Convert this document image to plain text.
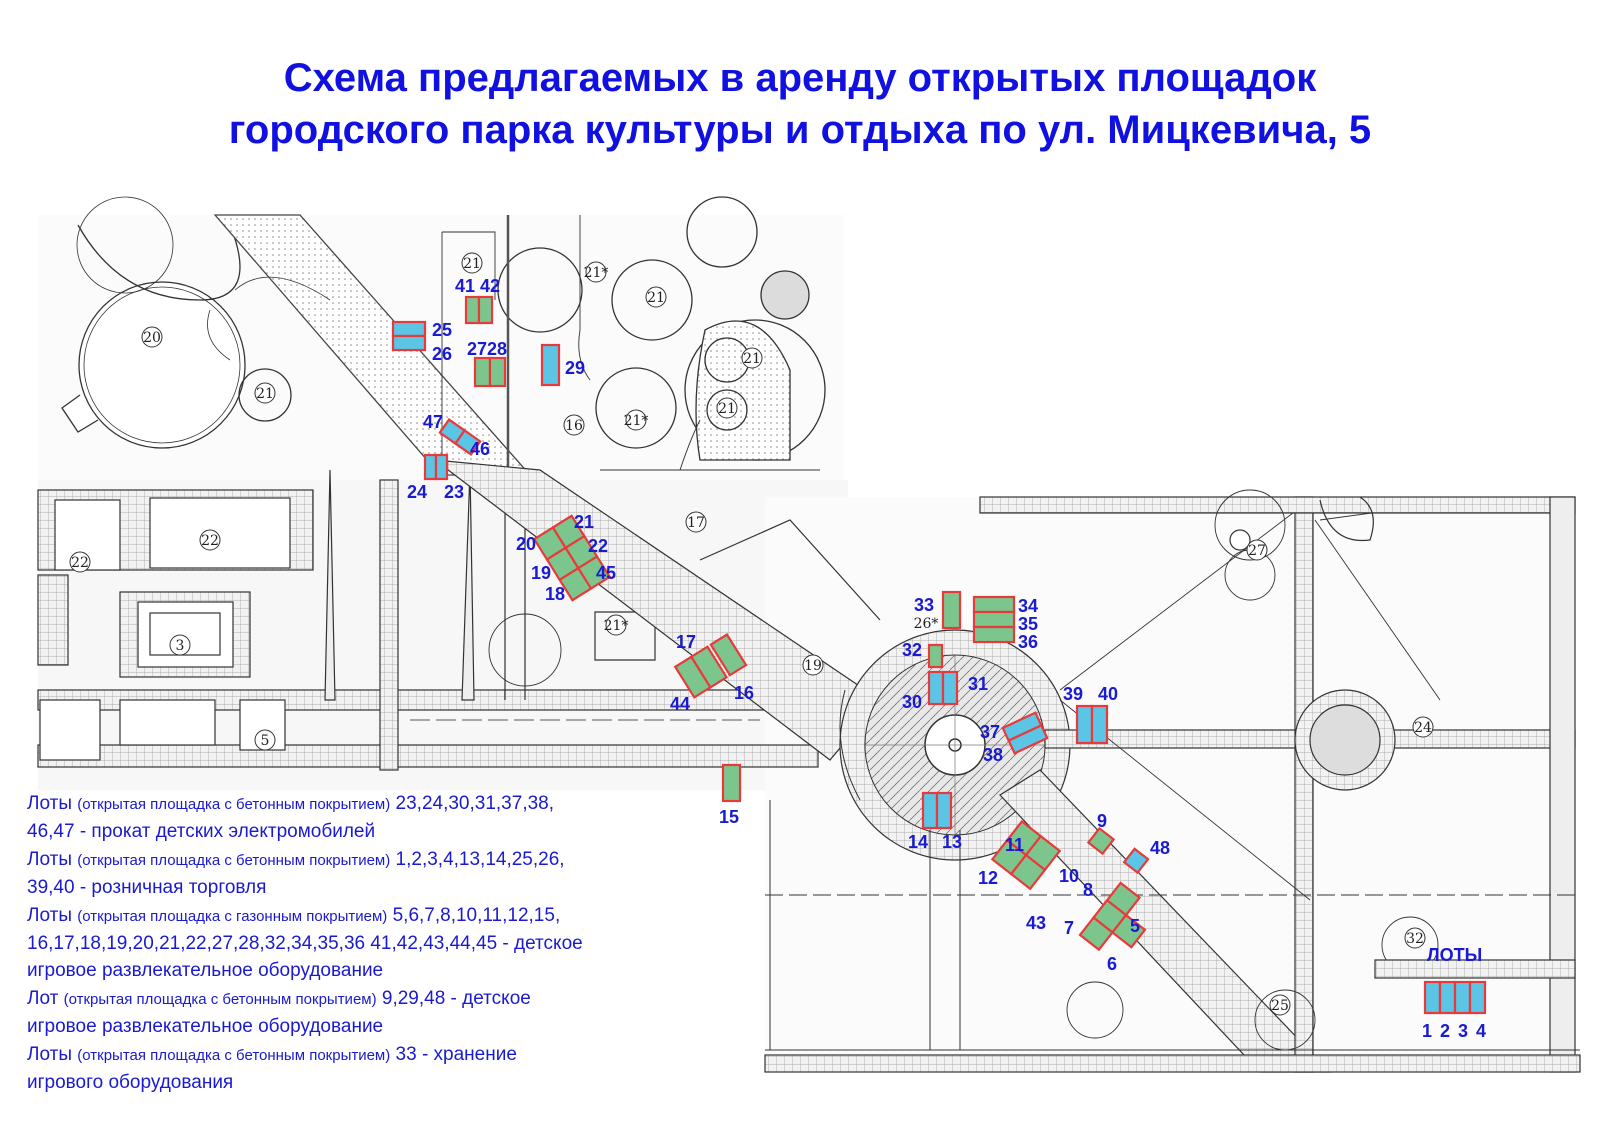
Схема предлагаемых в аренду открытых площадок
городского парка культуры и отдыха по ул. Мицкевича, 5
20
21
21
21*
21
21
21
21*
16
22
22
3
5
17
19
21*	26*
27
24
25
32
41 42
25
26 2728
29
47
46
24 23
21
20	22
19 45
18
17
16
44
15
33	34
35
36
32
30
31	39 40
37
38
14 13 11
9
48
12	10
8
43 7	5
6	ЛОТЫ
1 2 3 4

Лоты (открытая площадка с бетонным покрытием) 23,24,30,31,37,38,
46,47 - прокат детских электромобилей

Лоты (открытая площадка с бетонным покрытием) 1,2,3,4,13,14,25,26,
39,40 - розничная торговля

Лоты (открытая площадка с газонным покрытием) 5,6,7,8,10,11,12,15,
16,17,18,19,20,21,22,27,28,32,34,35,36 41,42,43,44,45 - детское
игровое развлекательное оборудование

Лот (открытая площадка с бетонным покрытием) 9,29,48 - детское
игровое развлекательное оборудование

Лоты (открытая площадка с бетонным покрытием) 33 - хранение
игрового оборудования
